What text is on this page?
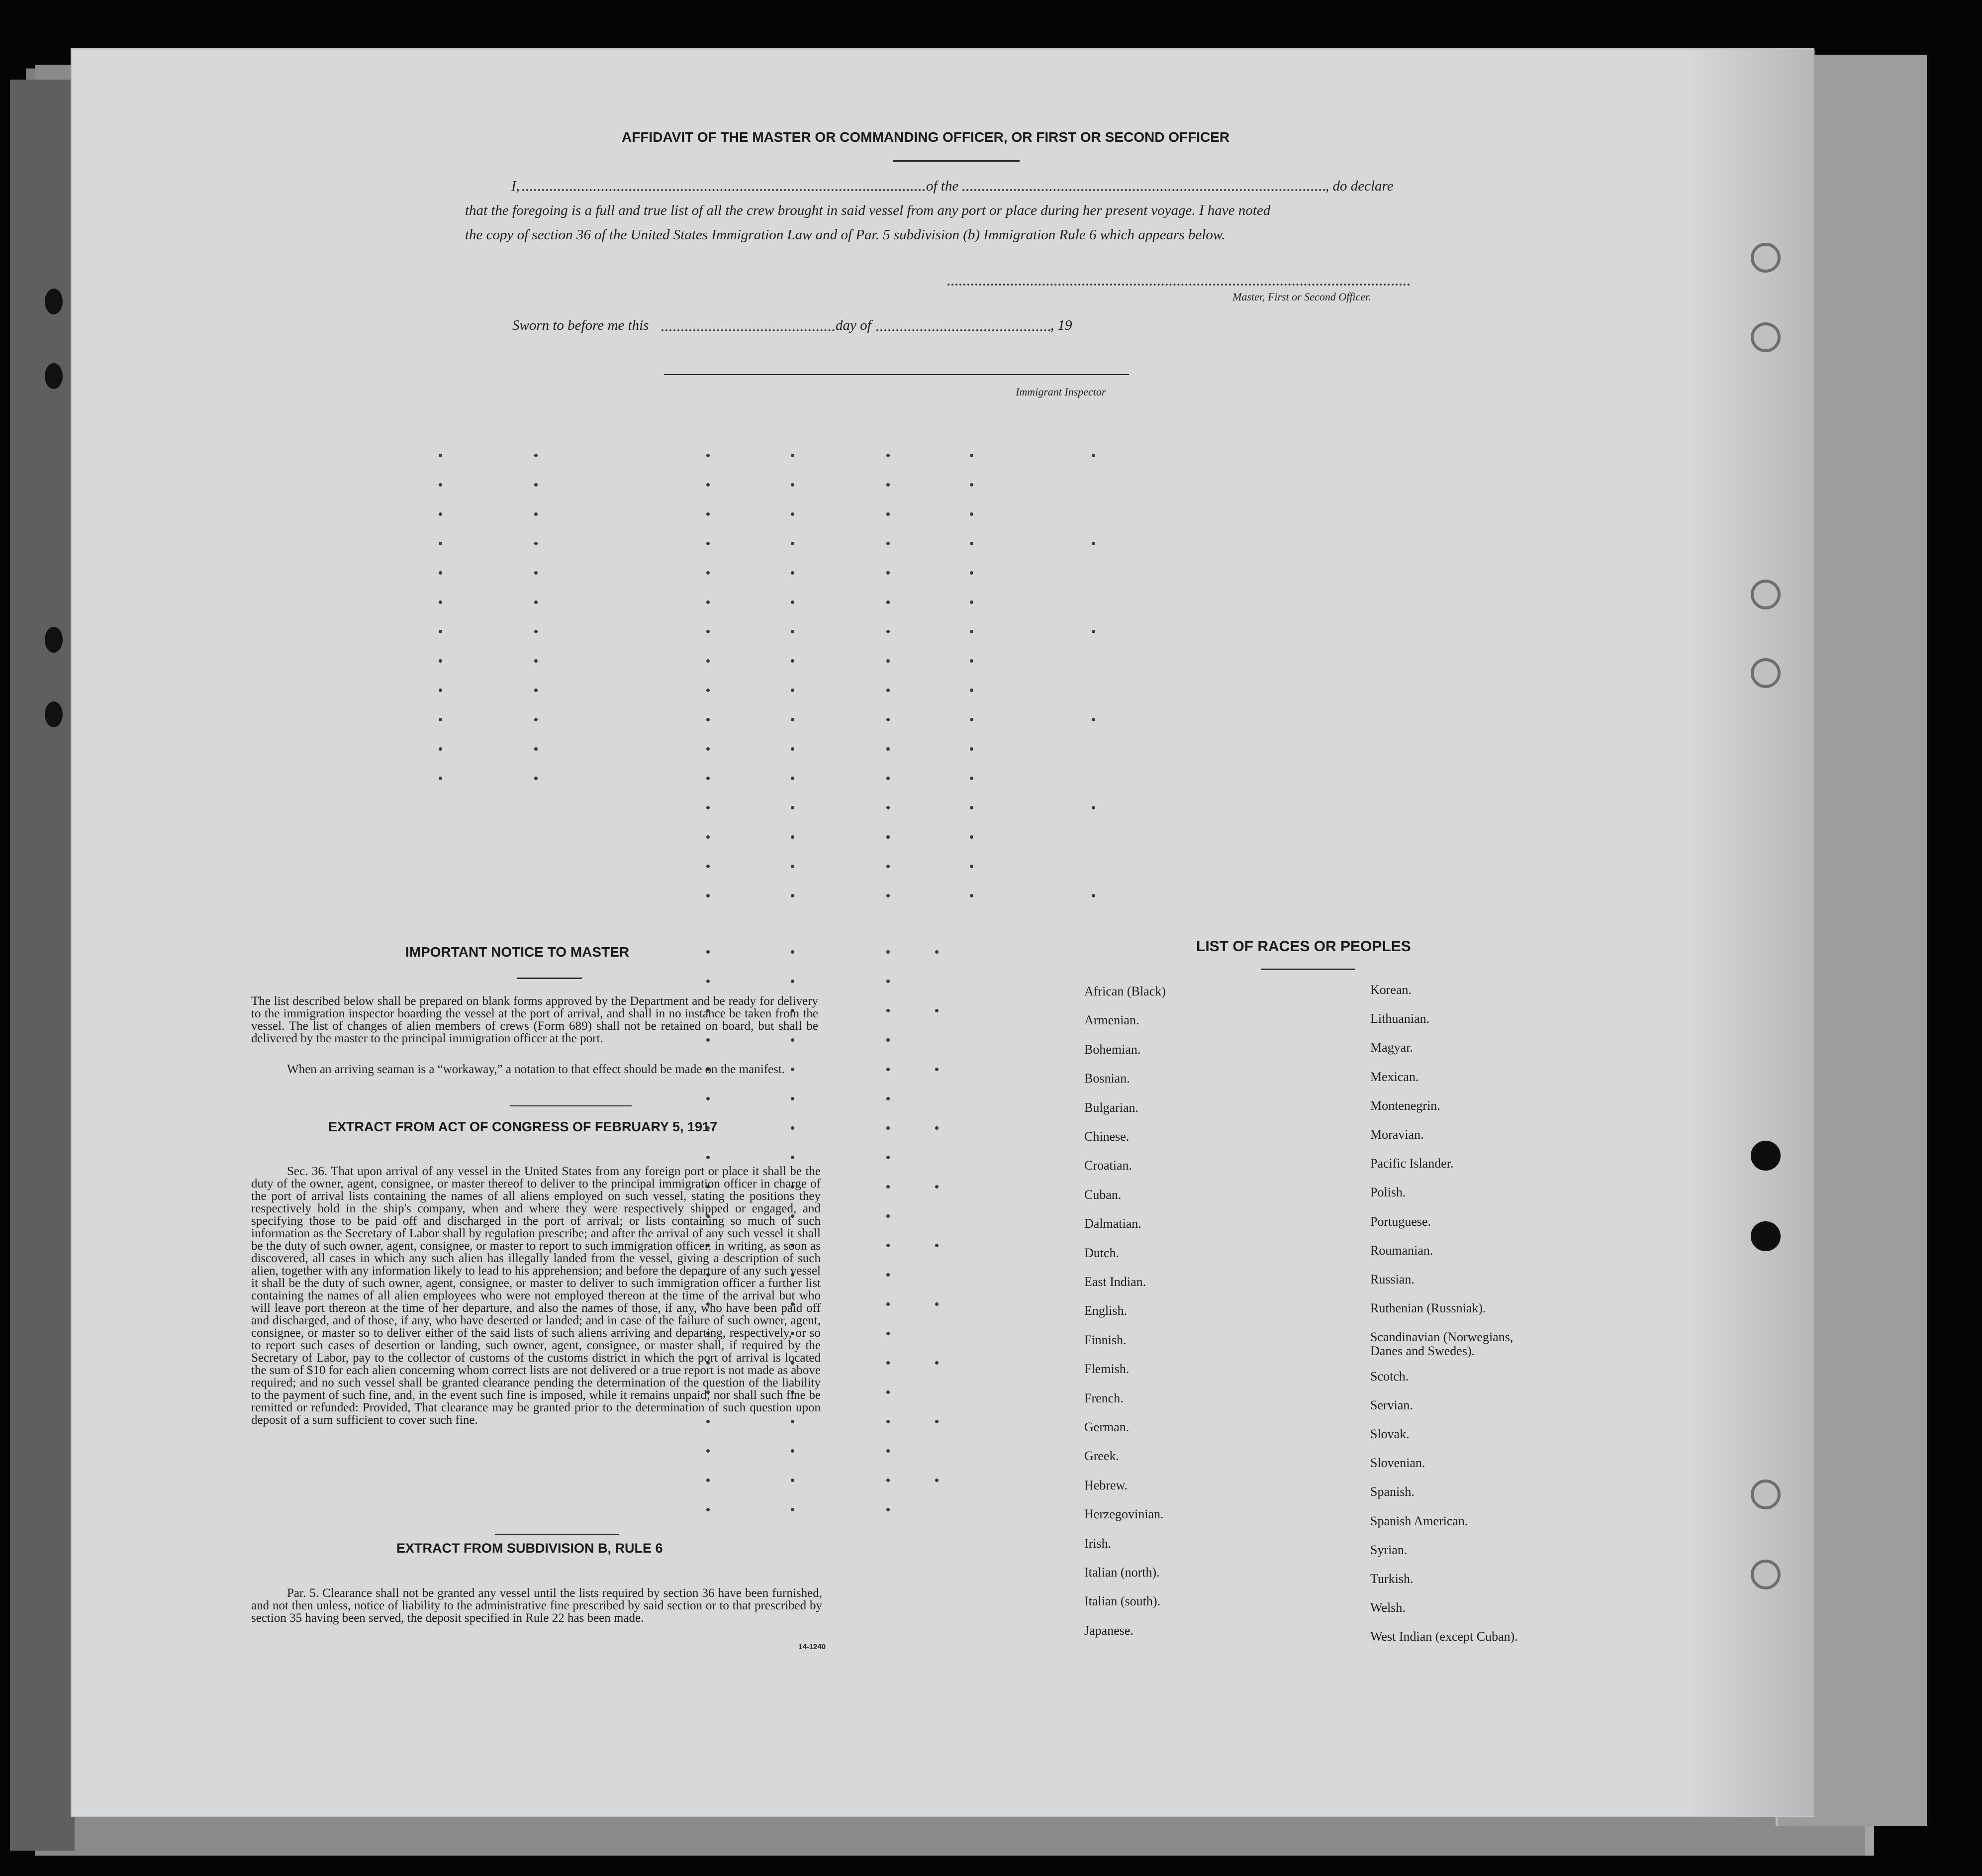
AFFIDAVIT OF THE MASTER OR COMMANDING OFFICER, OR FIRST OR SECOND OFFICER
I,	of the	, do declare
that the foregoing is a full and true list of all the crew brought in said vessel from any port or place during her present voyage. I have noted
the copy of section 36 of the United States Immigration Law and of Par. 5 subdivision (b) Immigration Rule 6 which appears below.
Master, First or Second Officer.
Sworn to before me this	day of	, 19
Immigrant Inspector
IMPORTANT NOTICE TO MASTER
The list described below shall be prepared on blank forms approved by the Department and be ready for delivery to the immigration inspector boarding the vessel at the port of arrival, and shall in no instance be taken from the vessel. The list of changes of alien members of crews (Form 689) shall not be retained on board, but shall be delivered by the master to the principal immigration officer at the port.
When an arriving seaman is a “workaway,” a notation to that effect should be made on the manifest.
EXTRACT FROM ACT OF CONGRESS OF FEBRUARY 5, 1917
Sec. 36. That upon arrival of any vessel in the United States from any foreign port or place it shall be the duty of the owner, agent, consignee, or master thereof to deliver to the principal immigration officer in charge of the port of arrival lists containing the names of all aliens employed on such vessel, stating the positions they respectively hold in the ship's company, when and where they were respectively shipped or engaged, and specifying those to be paid off and discharged in the port of arrival; or lists containing so much of such information as the Secretary of Labor shall by regulation prescribe; and after the arrival of any such vessel it shall be the duty of such owner, agent, consignee, or master to report to such immigration officer, in writing, as soon as discovered, all cases in which any such alien has illegally landed from the vessel, giving a description of such alien, together with any information likely to lead to his apprehension; and before the departure of any such vessel it shall be the duty of such owner, agent, consignee, or master to deliver to such immigration officer a further list containing the names of all alien employees who were not employed thereon at the time of the arrival but who will leave port thereon at the time of her departure, and also the names of those, if any, who have been paid off and discharged, and of those, if any, who have deserted or landed; and in case of the failure of such owner, agent, consignee, or master so to deliver either of the said lists of such aliens arriving and departing, respectively, or so to report such cases of desertion or landing, such owner, agent, consignee, or master shall, if required by the Secretary of Labor, pay to the collector of customs of the customs district in which the port of arrival is located the sum of $10 for each alien concerning whom correct lists are not delivered or a true report is not made as above required; and no such vessel shall be granted clearance pending the determination of the question of the liability to the payment of such fine, and, in the event such fine is imposed, while it remains unpaid; nor shall such fine be remitted or refunded: Provided, That clearance may be granted prior to the determination of such question upon deposit of a sum sufficient to cover such fine.
EXTRACT FROM SUBDIVISION B, RULE 6
Par. 5. Clearance shall not be granted any vessel until the lists required by section 36 have been furnished, and not then unless, notice of liability to the administrative fine prescribed by said section or to that prescribed by section 35 having been served, the deposit specified in Rule 22 has been made.
14-1240
LIST OF RACES OR PEOPLES
African (Black)
Armenian.
Bohemian.
Bosnian.
Bulgarian.
Chinese.
Croatian.
Cuban.
Dalmatian.
Dutch.
East Indian.
English.
Finnish.
Flemish.
French.
German.
Greek.
Hebrew.
Herzegovinian.
Irish.
Italian (north).
Italian (south).
Japanese.
Korean.
Lithuanian.
Magyar.
Mexican.
Montenegrin.
Moravian.
Pacific Islander.
Polish.
Portuguese.
Roumanian.
Russian.
Ruthenian (Russniak).
Scandinavian (Norwegians,
Danes and Swedes).
Scotch.
Servian.
Slovak.
Slovenian.
Spanish.
Spanish American.
Syrian.
Turkish.
Welsh.
West Indian (except Cuban).
